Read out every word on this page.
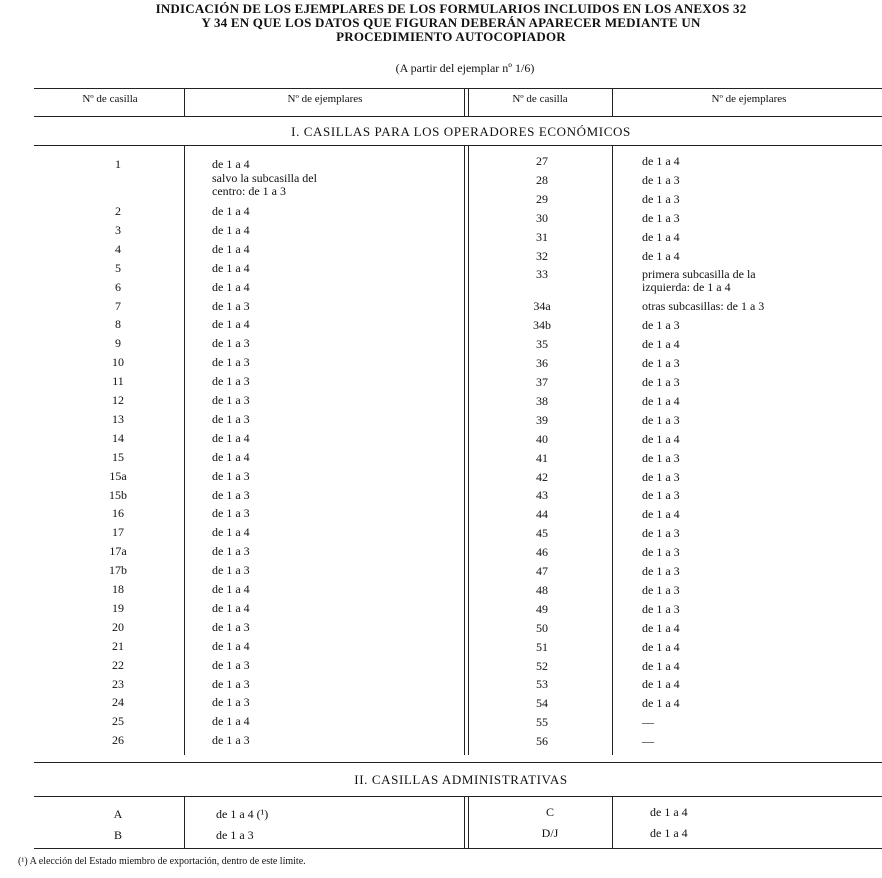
INDICACIÓN DE LOS EJEMPLARES DE LOS FORMULARIOS INCLUIDOS EN LOS ANEXOS 32
Y 34 EN QUE LOS DATOS QUE FIGURAN DEBERÁN APARECER MEDIANTE UN
PROCEDIMIENTO AUTOCOPIADOR
(A partir del ejemplar nº 1/6)
Nº de casilla	Nº de ejemplares	Nº de casilla	Nº de ejemplares
I. CASILLAS PARA LOS OPERADORES ECONÓMICOS
1	de 1 a 4
salvo la subcasilla del
centro: de 1 a 3
2	de 1 a 4
3	de 1 a 4
4	de 1 a 4
5	de 1 a 4
6	de 1 a 4
7	de 1 a 3
8	de 1 a 4
9	de 1 a 3
10	de 1 a 3
11	de 1 a 3
12	de 1 a 3
13	de 1 a 3
14	de 1 a 4
15	de 1 a 4
15a	de 1 a 3
15b	de 1 a 3
16	de 1 a 3
17	de 1 a 4
17a	de 1 a 3
17b	de 1 a 3
18	de 1 a 4
19	de 1 a 4
20	de 1 a 3
21	de 1 a 4
22	de 1 a 3
23	de 1 a 3
24	de 1 a 3
25	de 1 a 4
26	de 1 a 3
27	de 1 a 4
28	de 1 a 3
29	de 1 a 3
30	de 1 a 3
31	de 1 a 4
32	de 1 a 4
33	primera subcasilla de la
izquierda: de 1 a 4
34a	otras subcasillas: de 1 a 3
34b	de 1 a 3
35	de 1 a 4
36	de 1 a 3
37	de 1 a 3
38	de 1 a 4
39	de 1 a 3
40	de 1 a 4
41	de 1 a 3
42	de 1 a 3
43	de 1 a 3
44	de 1 a 4
45	de 1 a 3
46	de 1 a 3
47	de 1 a 3
48	de 1 a 3
49	de 1 a 3
50	de 1 a 4
51	de 1 a 4
52	de 1 a 4
53	de 1 a 4
54	de 1 a 4
55	—
56	—
II. CASILLAS ADMINISTRATIVAS
A	de 1 a 4 (¹)
B	de 1 a 3
C	de 1 a 4
D/J	de 1 a 4
(¹) A elección del Estado miembro de exportación, dentro de este límite.
